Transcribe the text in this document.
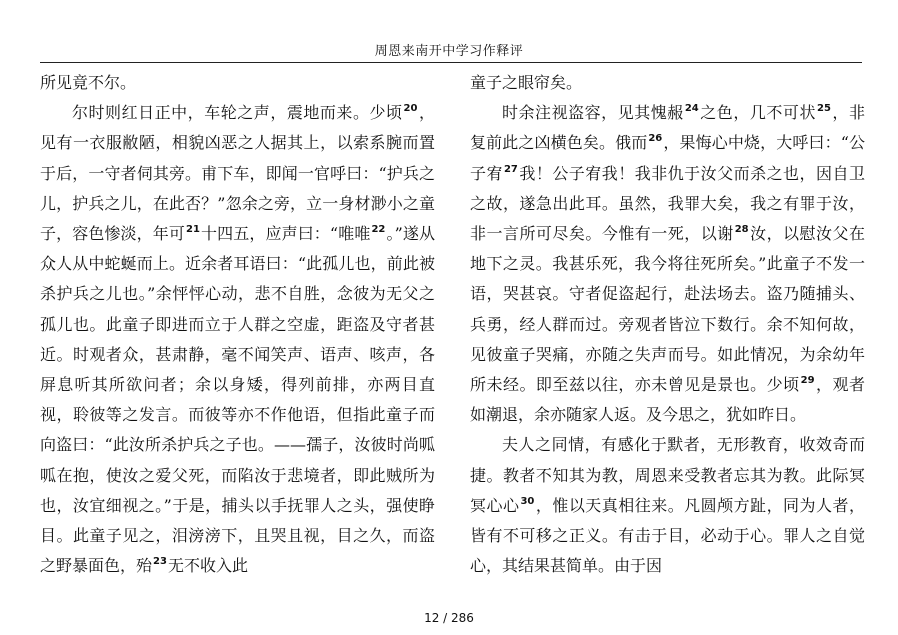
周恩来南开中学习作释评

所见竟不尔。

尔时则红日正中，车轮之声，震地而来。少顷$^{20}$，见有一衣服敝陋，相貌凶恶之人据其上，以索系腕而置于后，一守者伺其旁。甫下车，即闻一官呼曰：“护兵之儿，护兵之儿，在此否？”忽余之旁，立一身材渺小之童子，容色惨淡，年可$^{21}$十四五，应声曰：“唯唯$^{22}$。”遂从众人从中蛇蜒而上。近余者耳语曰：“此孤儿也，前此被杀护兵之儿也。”余怦怦心动，悲不自胜，念彼为无父之孤儿也。此童子即进而立于人群之空虚，距盗及守者甚近。时观者众，甚肃静，毫不闻笑声、语声、咳声，各屏息听其所欲问者；余以身矮，得列前排，亦两目直视，聆彼等之发言。而彼等亦不作他语，但指此童子而向盗曰：“此汝所杀护兵之子也。——孺子，汝彼时尚呱呱在抱，使汝之爱父死，而陷汝于悲境者，即此贼所为也，汝宜细视之。”于是，捕头以手抚罪人之头，强使睁目。此童子见之，泪滂滂下，且哭且视，目之久，而盗之野暴面色，殆$^{23}$无不收入此

童子之眼帘矣。

时余注视盗容，见其愧赧$^{24}$之色，几不可状$^{25}$，非复前此之凶横色矣。俄而$^{26}$，果悔心中烧，大呼曰：“公子宥$^{27}$我！公子宥我！我非仇于汝父而杀之也，因自卫之故，遂急出此耳。虽然，我罪大矣，我之有罪于汝，非一言所可尽矣。今惟有一死，以谢$^{28}$汝，以慰汝父在地下之灵。我甚乐死，我今将往死所矣。”此童子不发一语，哭甚哀。守者促盗起行，赴法场去。盗乃随捕头、兵勇，经人群而过。旁观者皆泣下数行。余不知何故，见彼童子哭痛，亦随之失声而号。如此情况，为余幼年所未经。即至兹以往，亦未曾见是景也。少顷$^{29}$，观者如潮退，余亦随家人返。及今思之，犹如昨日。

夫人之同情，有感化于默者，无形教育，收效奇而捷。教者不知其为教，周恩来受教者忘其为教。此际冥冥心心$^{30}$，惟以天真相往来。凡圆颅方趾，同为人者，皆有不可移之正义。有击于目，必动于心。罪人之自觉心，其结果甚简单。由于因

12 / 286
